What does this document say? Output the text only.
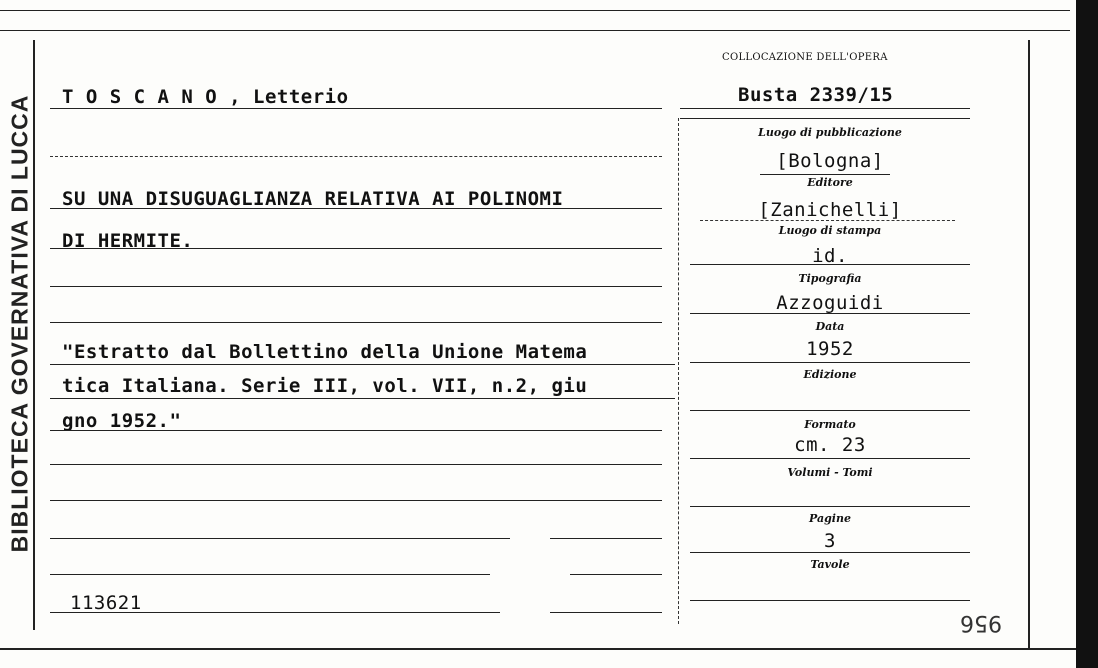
BIBLIOTECA GOVERNATIVA DI LUCCA
COLLOCAZIONE DELL'OPERA
Busta 2339/15
T O S C A N O , Letterio
SU UNA DISUGUAGLIANZA RELATIVA AI POLINOMI
DI HERMITE.
"Estratto dal Bollettino della Unione Matema
tica Italiana. Serie III, vol. VII, n.2, giu
gno 1952."
113621
Luogo di pubblicazione
[Bologna]
Editore
[Zanichelli]
Luogo di stampa
id.
Tipografia
Azzoguidi
Data
1952
Edizione
Formato
cm. 23
Volumi - Tomi
Pagine
3
Tavole
956
